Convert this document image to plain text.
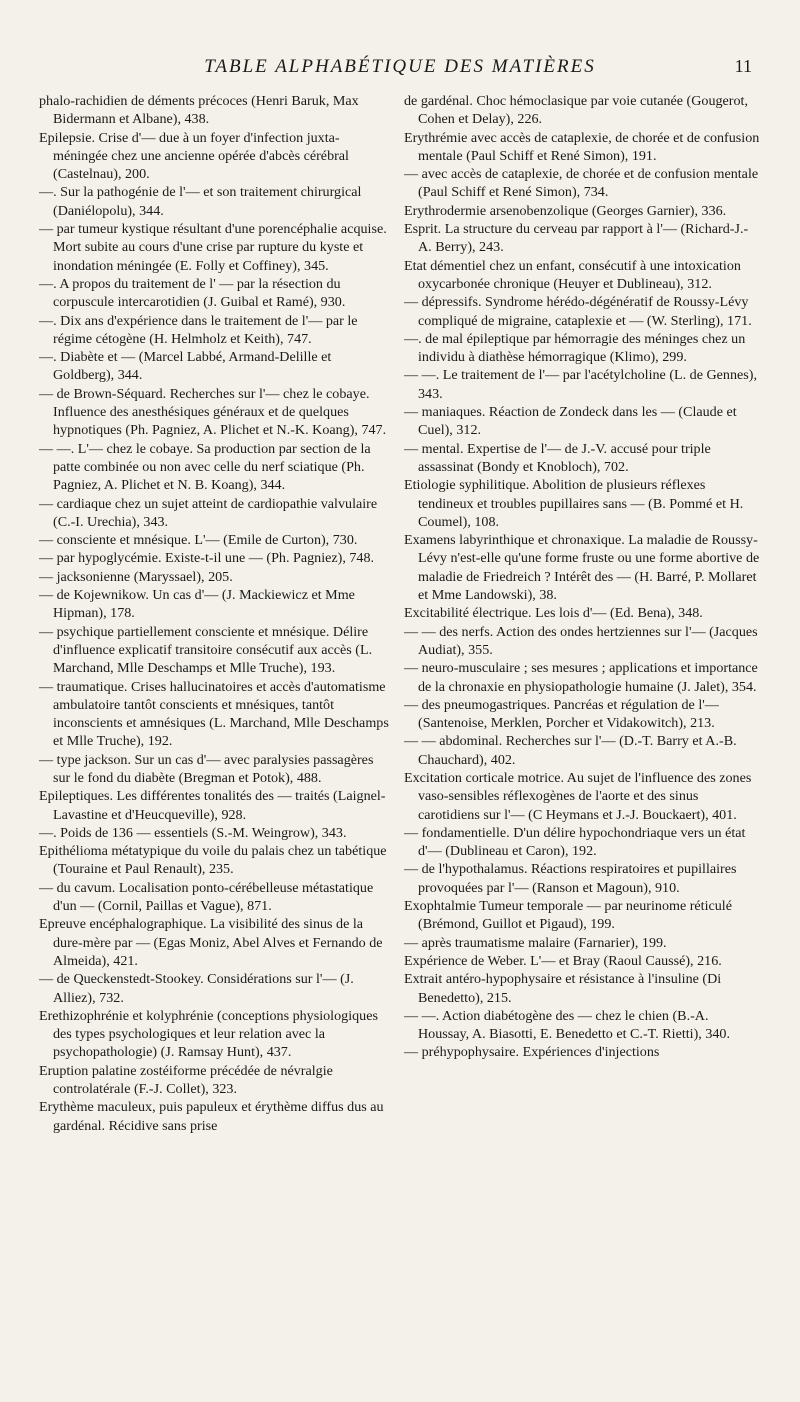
TABLE ALPHABÉTIQUE DES MATIÈRES	11

phalo-rachidien de déments précoces (Henri Baruk, Max Bidermann et Albane), 438.

Epilepsie. Crise d'— due à un foyer d'infection juxta-méningée chez une ancienne opérée d'abcès cérébral (Castelnau), 200.

—. Sur la pathogénie de l'— et son traitement chirurgical (Daniélopolu), 344.

— par tumeur kystique résultant d'une porencéphalie acquise. Mort subite au cours d'une crise par rupture du kyste et inondation méningée (E. Folly et Coffiney), 345.

—. A propos du traitement de l' — par la résection du corpuscule intercarotidien (J. Guibal et Ramé), 930.

—. Dix ans d'expérience dans le traitement de l'— par le régime cétogène (H. Helmholz et Keith), 747.

—. Diabète et — (Marcel Labbé, Armand-Delille et Goldberg), 344.

— de Brown-Séquard. Recherches sur l'— chez le cobaye. Influence des anesthésiques généraux et de quelques hypnotiques (Ph. Pagniez, A. Plichet et N.-K. Koang), 747.

— —. L'— chez le cobaye. Sa production par section de la patte combinée ou non avec celle du nerf sciatique (Ph. Pagniez, A. Plichet et N. B. Koang), 344.

— cardiaque chez un sujet atteint de cardiopathie valvulaire (C.-I. Urechia), 343.

— consciente et mnésique. L'— (Emile de Curton), 730.

— par hypoglycémie. Existe-t-il une — (Ph. Pagniez), 748.

— jacksonienne (Maryssael), 205.

— de Kojewnikow. Un cas d'— (J. Mackiewicz et Mme Hipman), 178.

— psychique partiellement consciente et mnésique. Délire d'influence explicatif transitoire consécutif aux accès (L. Marchand, Mlle Deschamps et Mlle Truche), 193.

— traumatique. Crises hallucinatoires et accès d'automatisme ambulatoire tantôt conscients et mnésiques, tantôt inconscients et amnésiques (L. Marchand, Mlle Deschamps et Mlle Truche), 192.

— type jackson. Sur un cas d'— avec paralysies passagères sur le fond du diabète (Bregman et Potok), 488.

Epileptiques. Les différentes tonalités des — traités (Laignel-Lavastine et d'Heucqueville), 928.

—. Poids de 136 — essentiels (S.-M. Weingrow), 343.

Epithélioma métatypique du voile du palais chez un tabétique (Touraine et Paul Renault), 235.

— du cavum. Localisation ponto-cérébelleuse métastatique d'un — (Cornil, Paillas et Vague), 871.

Epreuve encéphalographique. La visibilité des sinus de la dure-mère par — (Egas Moniz, Abel Alves et Fernando de Almeida), 421.

— de Queckenstedt-Stookey. Considérations sur l'— (J. Alliez), 732.

Erethizophrénie et kolyphrénie (conceptions physiologiques des types psychologiques et leur relation avec la psychopathologie) (J. Ramsay Hunt), 437.

Eruption palatine zostéiforme précédée de névralgie controlatérale (F.-J. Collet), 323.

Erythème maculeux, puis papuleux et érythème diffus dus au gardénal. Récidive sans prise

de gardénal. Choc hémoclasique par voie cutanée (Gougerot, Cohen et Delay), 226.

Erythrémie avec accès de cataplexie, de chorée et de confusion mentale (Paul Schiff et René Simon), 191.

— avec accès de cataplexie, de chorée et de confusion mentale (Paul Schiff et René Simon), 734.

Erythrodermie arsenobenzolique (Georges Garnier), 336.

Esprit. La structure du cerveau par rapport à l'— (Richard-J.-A. Berry), 243.

Etat démentiel chez un enfant, consécutif à une intoxication oxycarbonée chronique (Heuyer et Dublineau), 312.

— dépressifs. Syndrome hérédo-dégénératif de Roussy-Lévy compliqué de migraine, cataplexie et — (W. Sterling), 171.

—. de mal épileptique par hémorragie des méninges chez un individu à diathèse hémorragique (Klimo), 299.

— —. Le traitement de l'— par l'acétylcholine (L. de Gennes), 343.

— maniaques. Réaction de Zondeck dans les — (Claude et Cuel), 312.

— mental. Expertise de l'— de J.-V. accusé pour triple assassinat (Bondy et Knobloch), 702.

Etiologie syphilitique. Abolition de plusieurs réflexes tendineux et troubles pupillaires sans — (B. Pommé et H. Coumel), 108.

Examens labyrinthique et chronaxique. La maladie de Roussy-Lévy n'est-elle qu'une forme fruste ou une forme abortive de maladie de Friedreich ? Intérêt des — (H. Barré, P. Mollaret et Mme Landowski), 38.

Excitabilité électrique. Les lois d'— (Ed. Bena), 348.

— — des nerfs. Action des ondes hertziennes sur l'— (Jacques Audiat), 355.

— neuro-musculaire ; ses mesures ; applications et importance de la chronaxie en physiopathologie humaine (J. Jalet), 354.

— des pneumogastriques. Pancréas et régulation de l'— (Santenoise, Merklen, Porcher et Vidakowitch), 213.

— — abdominal. Recherches sur l'— (D.-T. Barry et A.-B. Chauchard), 402.

Excitation corticale motrice. Au sujet de l'influence des zones vaso-sensibles réflexogènes de l'aorte et des sinus carotidiens sur l'— (C Heymans et J.-J. Bouckaert), 401.

— fondamentielle. D'un délire hypochondriaque vers un état d'— (Dublineau et Caron), 192.

— de l'hypothalamus. Réactions respiratoires et pupillaires provoquées par l'— (Ranson et Magoun), 910.

Exophtalmie Tumeur temporale — par neurinome réticulé (Brémond, Guillot et Pigaud), 199.

— après traumatisme malaire (Farnarier), 199.

Expérience de Weber. L'— et Bray (Raoul Caussé), 216.

Extrait antéro-hypophysaire et résistance à l'insuline (Di Benedetto), 215.

— —. Action diabétogène des — chez le chien (B.-A. Houssay, A. Biasotti, E. Benedetto et C.-T. Rietti), 340.

— préhypophysaire. Expériences d'injections
